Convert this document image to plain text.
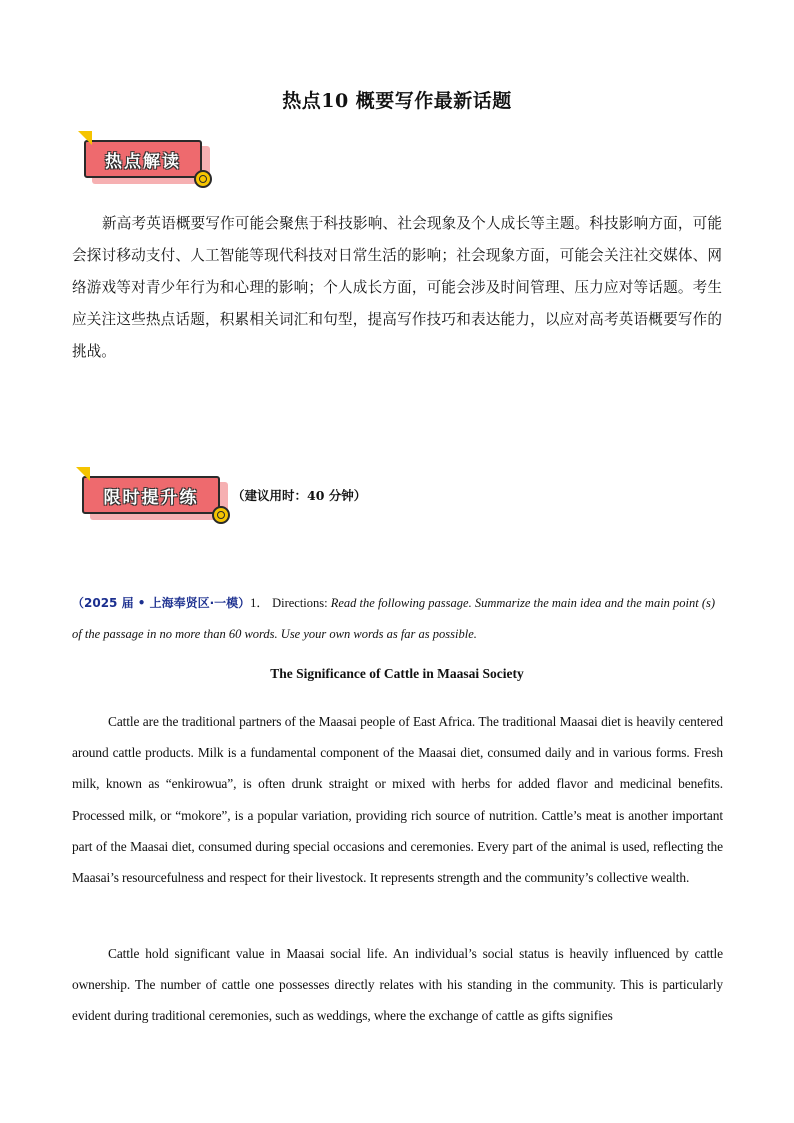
热点10 概要写作最新话题
热点解读

新高考英语概要写作可能会聚焦于科技影响、社会现象及个人成长等主题。科技影响方面，可能会探讨移动支付、人工智能等现代科技对日常生活的影响；社会现象方面，可能会关注社交媒体、网络游戏等对青少年行为和心理的影响；个人成长方面，可能会涉及时间管理、压力应对等话题。考生应关注这些热点话题，积累相关词汇和句型，提高写作技巧和表达能力，以应对高考英语概要写作的挑战。

限时提升练	（建议用时：40 分钟）

（2025 届 • 上海奉贤区·一模）1． Directions: Read the following passage. Summarize the main idea and the main point (s) of the passage in no more than 60 words. Use your own words as far as possible.

The Significance of Cattle in Maasai Society

Cattle are the traditional partners of the Maasai people of East Africa. The traditional Maasai diet is heavily centered around cattle products. Milk is a fundamental component of the Maasai diet, consumed daily and in various forms. Fresh milk, known as “enkirowua”, is often drunk straight or mixed with herbs for added flavor and medicinal benefits. Processed milk, or “mokore”, is a popular variation, providing rich source of nutrition. Cattle’s meat is another important part of the Maasai diet, consumed during special occasions and ceremonies. Every part of the animal is used, reflecting the Maasai’s resourcefulness and respect for their livestock. It represents strength and the community’s collective wealth.

Cattle hold significant value in Maasai social life. An individual’s social status is heavily influenced by cattle ownership. The number of cattle one possesses directly relates with his standing in the community. This is particularly evident during traditional ceremonies, such as weddings, where the exchange of cattle as gifts signifies
